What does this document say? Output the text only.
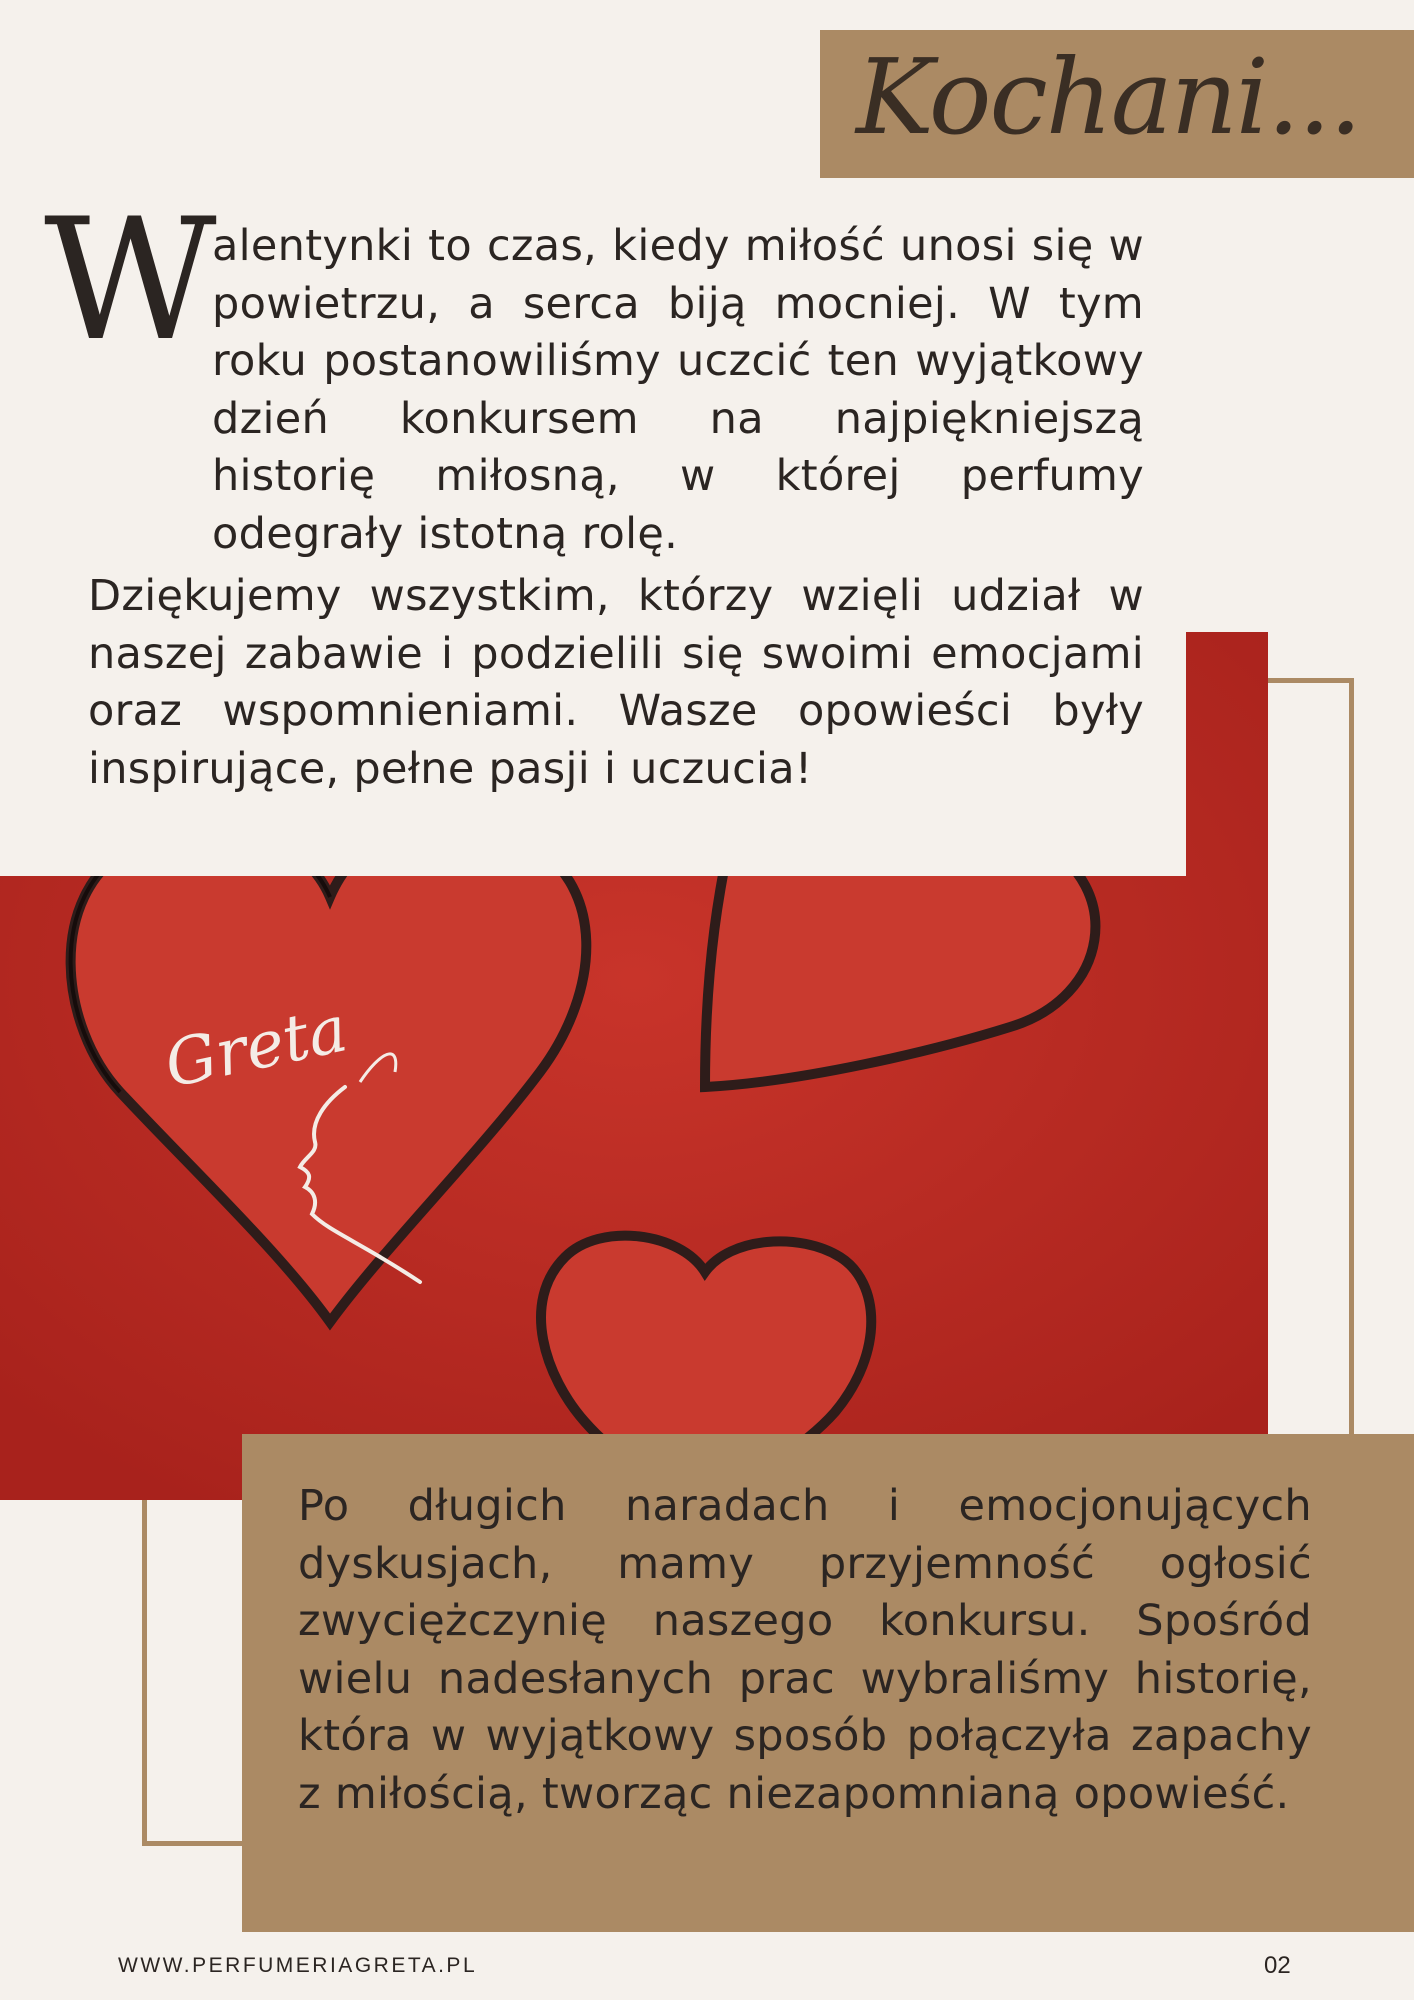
Kochani...
W
alentynki to czas, kiedy miłość unosi się w powietrzu, a serca biją mocniej. W tym roku postanowiliśmy uczcić ten wyjątkowy dzień konkursem na najpiękniejszą historię miłosną, w której perfumy odegrały istotną rolę.
Greta
Dziękujemy wszystkim, którzy wzięli udział w naszej zabawie i podzielili się swoimi emocjami oraz wspomnieniami. Wasze opowieści były inspirujące, pełne pasji i uczucia!
Po długich naradach i emocjonujących dyskusjach, mamy przyjemność ogłosić zwyciężczynię naszego konkursu. Spośród wielu nadesłanych prac wybraliśmy historię, która w wyjątkowy sposób połączyła zapachy z miłością, tworząc niezapomnianą opowieść.
WWW.PERFUMERIAGRETA.PL	02
